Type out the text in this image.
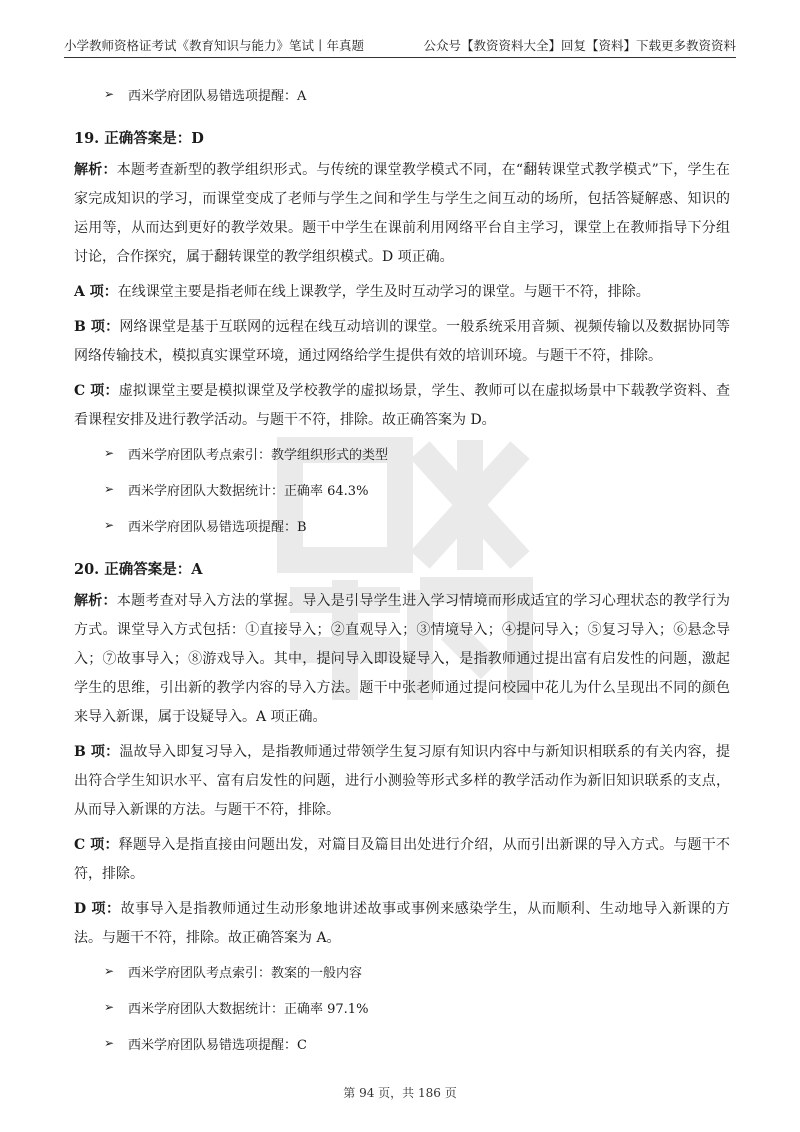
小学教师资格证考试《教育知识与能力》笔试丨年真题	公众号【教资资料大全】回复【资料】下载更多教资资料
➢	西米学府团队易错选项提醒：A
19. 正确答案是：D

解析：本题考查新型的教学组织形式。与传统的课堂教学模式不同，在“翻转课堂式教学模式”下，学生在家完成知识的学习，而课堂变成了老师与学生之间和学生与学生之间互动的场所，包括答疑解惑、知识的运用等，从而达到更好的教学效果。题干中学生在课前利用网络平台自主学习，课堂上在教师指导下分组讨论，合作探究，属于翻转课堂的教学组织模式。D 项正确。

A 项：在线课堂主要是指老师在线上课教学，学生及时互动学习的课堂。与题干不符，排除。

B 项：网络课堂是基于互联网的远程在线互动培训的课堂。一般系统采用音频、视频传输以及数据协同等网络传输技术，模拟真实课堂环境，通过网络给学生提供有效的培训环境。与题干不符，排除。

C 项：虚拟课堂主要是模拟课堂及学校教学的虚拟场景，学生、教师可以在虚拟场景中下载教学资料、查看课程安排及进行教学活动。与题干不符，排除。故正确答案为 D。

➢	西米学府团队考点索引：教学组织形式的类型
➢	西米学府团队大数据统计：正确率 64.3%
➢	西米学府团队易错选项提醒：B
20. 正确答案是：A

解析：本题考查对导入方法的掌握。导入是引导学生进入学习情境而形成适宜的学习心理状态的教学行为方式。课堂导入方式包括：①直接导入；②直观导入；③情境导入；④提问导入；⑤复习导入；⑥悬念导入；⑦故事导入；⑧游戏导入。其中，提问导入即设疑导入，是指教师通过提出富有启发性的问题，激起学生的思维，引出新的教学内容的导入方法。题干中张老师通过提问校园中花儿为什么呈现出不同的颜色来导入新课，属于设疑导入。A 项正确。

B 项：温故导入即复习导入，是指教师通过带领学生复习原有知识内容中与新知识相联系的有关内容，提出符合学生知识水平、富有启发性的问题，进行小测验等形式多样的教学活动作为新旧知识联系的支点，从而导入新课的方法。与题干不符，排除。

C 项：释题导入是指直接由问题出发，对篇目及篇目出处进行介绍，从而引出新课的导入方式。与题干不符，排除。

D 项：故事导入是指教师通过生动形象地讲述故事或事例来感染学生，从而顺利、生动地导入新课的方法。与题干不符，排除。故正确答案为 A。

➢	西米学府团队考点索引：教案的一般内容
➢	西米学府团队大数据统计：正确率 97.1%
➢	西米学府团队易错选项提醒：C
第 94 页，共 186 页
